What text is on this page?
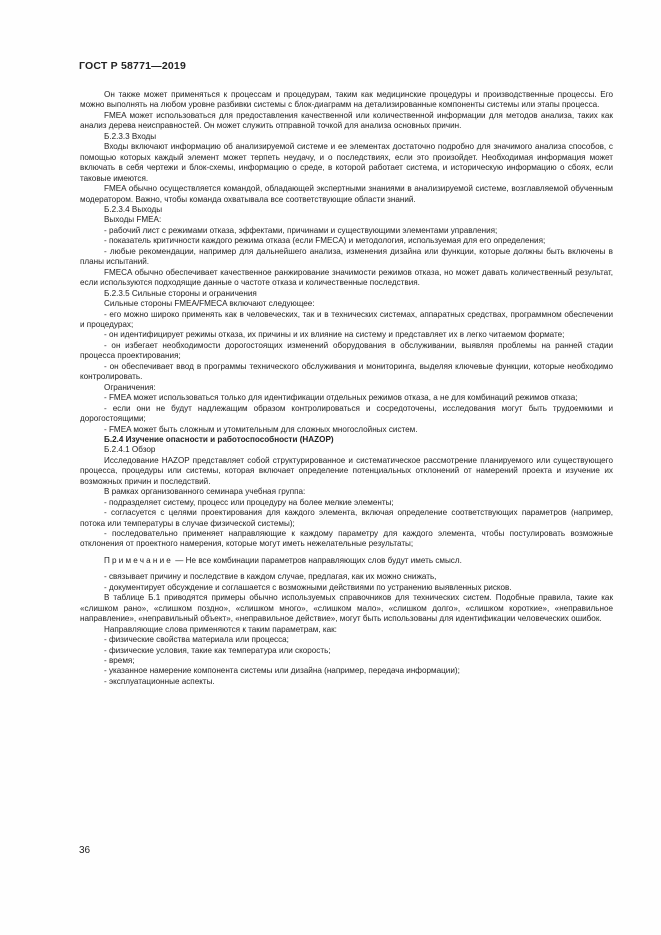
ГОСТ Р 58771—2019

Он также может применяться к процессам и процедурам, таким как медицинские процедуры и производственные процессы. Его можно выполнять на любом уровне разбивки системы с блок-диаграмм на детализированные компоненты системы или этапы процесса.

FMEA может использоваться для предоставления качественной или количественной информации для методов анализа, таких как анализ дерева неисправностей. Он может служить отправной точкой для анализа основных причин.

Б.2.3.3 Входы

Входы включают информацию об анализируемой системе и ее элементах достаточно подробно для значимого анализа способов, с помощью которых каждый элемент может терпеть неудачу, и о последствиях, если это произойдет. Необходимая информация может включать в себя чертежи и блок-схемы, информацию о среде, в которой работает система, и историческую информацию о сбоях, если таковые имеются.

FMEA обычно осуществляется командой, обладающей экспертными знаниями в анализируемой системе, возглавляемой обученным модератором. Важно, чтобы команда охватывала все соответствующие области знаний.

Б.2.3.4 Выходы

Выходы FMEA:

- рабочий лист с режимами отказа, эффектами, причинами и существующими элементами управления;

- показатель критичности каждого режима отказа (если FMECA) и методология, используемая для его определения;

- любые рекомендации, например для дальнейшего анализа, изменения дизайна или функции, которые должны быть включены в планы испытаний.

FMECA обычно обеспечивает качественное ранжирование значимости режимов отказа, но может давать количественный результат, если используются подходящие данные о частоте отказа и количественные последствия.

Б.2.3.5 Сильные стороны и ограничения

Сильные стороны FMEA/FMECA включают следующее:

- его можно широко применять как в человеческих, так и в технических системах, аппаратных средствах, программном обеспечении и процедурах;

- он идентифицирует режимы отказа, их причины и их влияние на систему и представляет их в легко читаемом формате;

- он избегает необходимости дорогостоящих изменений оборудования в обслуживании, выявляя проблемы на ранней стадии процесса проектирования;

- он обеспечивает ввод в программы технического обслуживания и мониторинга, выделяя ключевые функции, которые необходимо контролировать.

Ограничения:

- FMEA может использоваться только для идентификации отдельных режимов отказа, а не для комбинаций режимов отказа;

- если они не будут надлежащим образом контролироваться и сосредоточены, исследования могут быть трудоемкими и дорогостоящими;

- FMEA может быть сложным и утомительным для сложных многослойных систем.

Б.2.4 Изучение опасности и работоспособности (HAZOP)

Б.2.4.1 Обзор

Исследование HAZOP представляет собой структурированное и систематическое рассмотрение планируемого или существующего процесса, процедуры или системы, которая включает определение потенциальных отклонений от намерений проекта и изучение их возможных причин и последствий.

В рамках организованного семинара учебная группа:

- подразделяет систему, процесс или процедуру на более мелкие элементы;

- согласуется с целями проектирования для каждого элемента, включая определение соответствующих параметров (например, потока или температуры в случае физической системы);

- последовательно применяет направляющие к каждому параметру для каждого элемента, чтобы постулировать возможные отклонения от проектного намерения, которые могут иметь нежелательные результаты;

Примечание — Не все комбинации параметров направляющих слов будут иметь смысл.

- связывает причину и последствие в каждом случае, предлагая, как их можно снижать,

- документирует обсуждение и соглашается с возможными действиями по устранению выявленных рисков.

В таблице Б.1 приводятся примеры обычно используемых справочников для технических систем. Подобные правила, такие как «слишком рано», «слишком поздно», «слишком много», «слишком мало», «слишком долго», «слишком короткие», «неправильное направление», «неправильный объект», «неправильное действие», могут быть использованы для идентификации человеческих ошибок.

Направляющие слова применяются к таким параметрам, как:

- физические свойства материала или процесса;

- физические условия, такие как температура или скорость;

- время;

- указанное намерение компонента системы или дизайна (например, передача информации);

- эксплуатационные аспекты.

36
